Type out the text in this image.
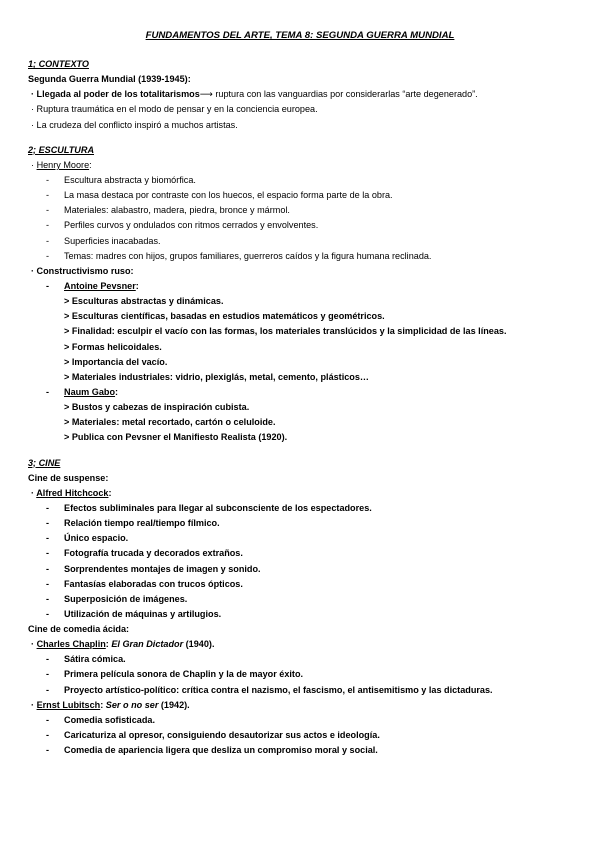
FUNDAMENTOS DEL ARTE, TEMA 8: SEGUNDA GUERRA MUNDIAL
1; CONTEXTO
Segunda Guerra Mundial (1939-1945):
· Llegada al poder de los totalitarismos⟶ ruptura con las vanguardias por considerarlas “arte degenerado”.
· Ruptura traumática en el modo de pensar y en la conciencia europea.
· La crudeza del conflicto inspiró a muchos artistas.
2; ESCULTURA
· Henry Moore:
- Escultura abstracta y biomórfica.
- La masa destaca por contraste con los huecos, el espacio forma parte de la obra.
- Materiales: alabastro, madera, piedra, bronce y mármol.
- Perfiles curvos y ondulados con ritmos cerrados y envolventes.
- Superficies inacabadas.
- Temas: madres con hijos, grupos familiares, guerreros caídos y la figura humana reclinada.
· Constructivismo ruso:
- Antoine Pevsner:
> Esculturas abstractas y dinámicas.
> Esculturas científicas, basadas en estudios matemáticos y geométricos.
> Finalidad: esculpir el vacío con las formas, los materiales translúcidos y la simplicidad de las líneas.
> Formas helicoidales.
> Importancia del vacío.
> Materiales industriales: vidrio, plexiglás, metal, cemento, plásticos…
- Naum Gabo:
> Bustos y cabezas de inspiración cubista.
> Materiales: metal recortado, cartón o celuloide.
> Publica con Pevsner el Manifiesto Realista (1920).
3; CINE
Cine de suspense:
· Alfred Hitchcock:
- Efectos subliminales para llegar al subconsciente de los espectadores.
- Relación tiempo real/tiempo fílmico.
- Único espacio.
- Fotografía trucada y decorados extraños.
- Sorprendentes montajes de imagen y sonido.
- Fantasías elaboradas con trucos ópticos.
- Superposición de imágenes.
- Utilización de máquinas y artilugios.
Cine de comedia ácida:
· Charles Chaplin: El Gran Dictador (1940).
- Sátira cómica.
- Primera película sonora de Chaplin y la de mayor éxito.
- Proyecto artístico-político: crítica contra el nazismo, el fascismo, el antisemitismo y las dictaduras.
· Ernst Lubitsch: Ser o no ser (1942).
- Comedia sofisticada.
- Caricaturiza al opresor, consiguiendo desautorizar sus actos e ideología.
- Comedia de apariencia ligera que desliza un compromiso moral y social.
